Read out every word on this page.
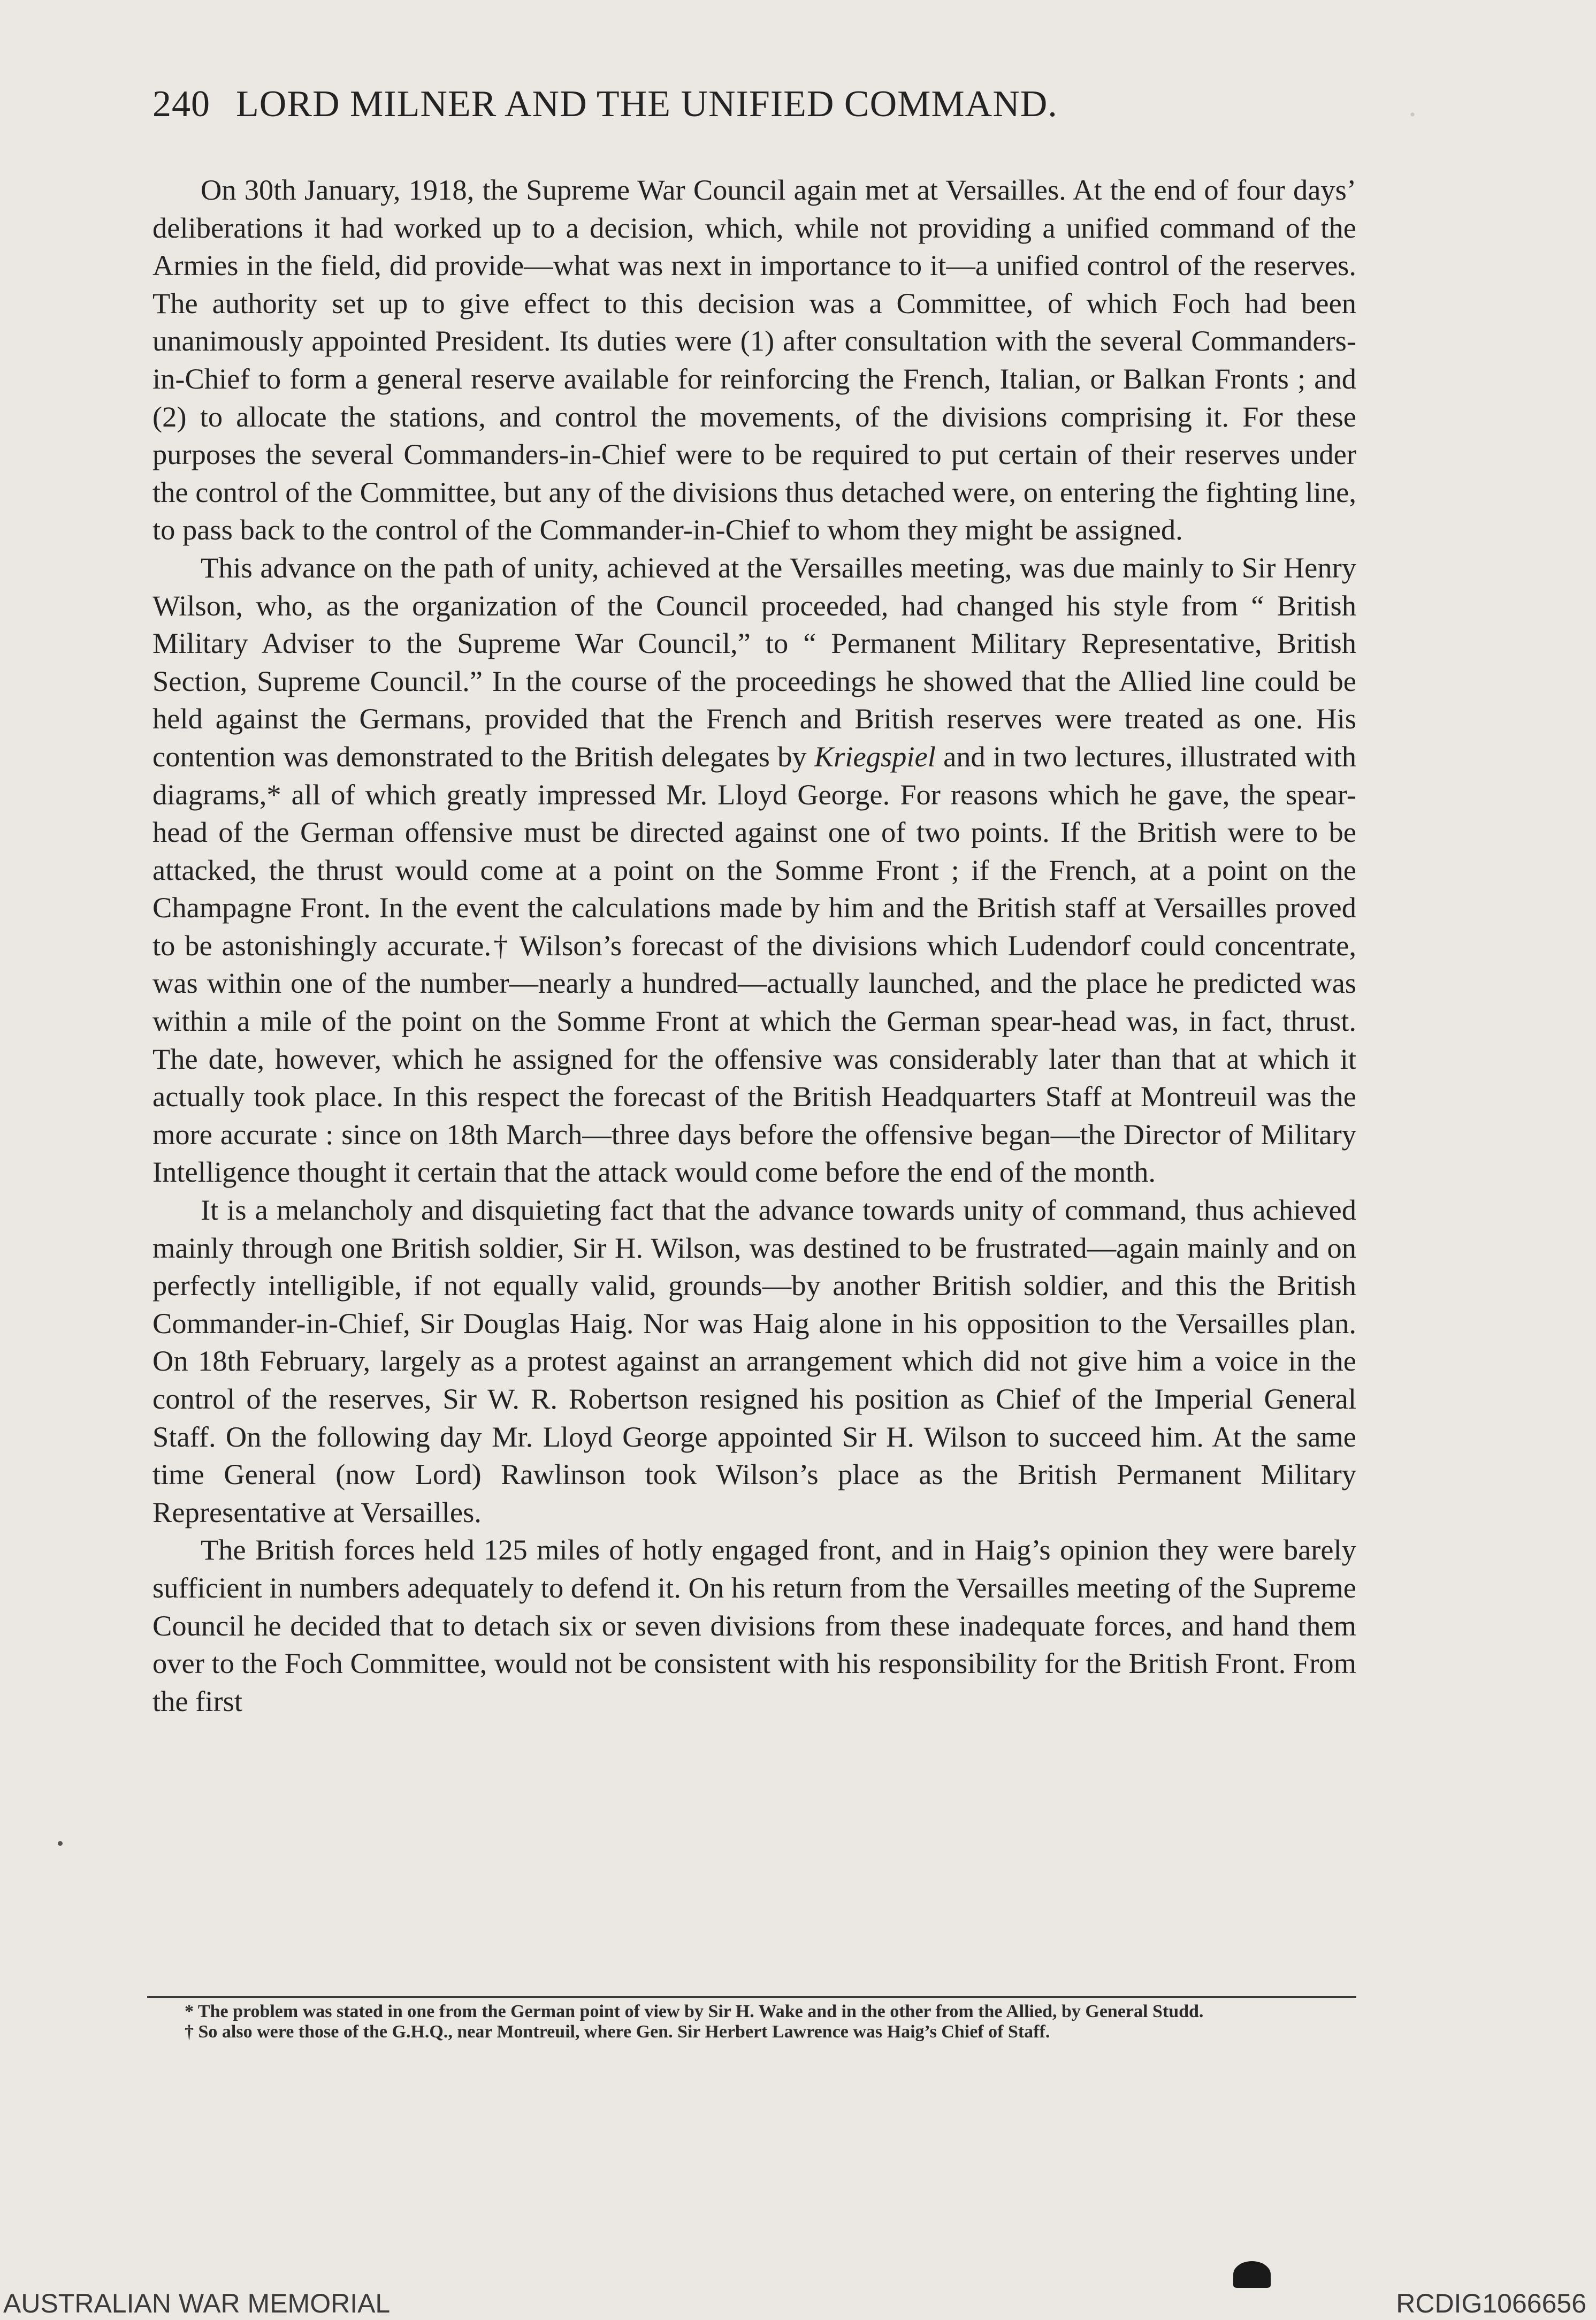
240 LORD MILNER AND THE UNIFIED COMMAND.	·

On 30th January, 1918, the Supreme War Council again met at Versailles. At the end of four days’ deliberations it had worked up to a decision, which, while not providing a unified command of the Armies in the field, did provide—what was next in importance to it—a unified control of the reserves. The authority set up to give effect to this decision was a Committee, of which Foch had been unanimously appointed President. Its duties were (1) after consultation with the several Commanders-in-Chief to form a general reserve available for reinforcing the French, Italian, or Balkan Fronts ; and (2) to allocate the stations, and control the movements, of the divisions comprising it. For these purposes the several Commanders-in-Chief were to be required to put certain of their reserves under the control of the Committee, but any of the divisions thus detached were, on entering the fighting line, to pass back to the control of the Commander-in-Chief to whom they might be assigned.

This advance on the path of unity, achieved at the Versailles meeting, was due mainly to Sir Henry Wilson, who, as the organization of the Council proceeded, had changed his style from “ British Military Adviser to the Supreme War Council,” to “ Permanent Military Representative, British Section, Supreme Council.” In the course of the proceedings he showed that the Allied line could be held against the Germans, provided that the French and British reserves were treated as one. His contention was demonstrated to the British delegates by Kriegspiel and in two lectures, illustrated with diagrams,* all of which greatly impressed Mr. Lloyd George. For reasons which he gave, the spear-head of the German offensive must be directed against one of two points. If the British were to be attacked, the thrust would come at a point on the Somme Front ; if the French, at a point on the Champagne Front. In the event the calculations made by him and the British staff at Versailles proved to be astonishingly accurate.† Wilson’s forecast of the divisions which Ludendorf could concentrate, was within one of the number—nearly a hundred—actually launched, and the place he predicted was within a mile of the point on the Somme Front at which the German spear-head was, in fact, thrust. The date, however, which he assigned for the offensive was considerably later than that at which it actually took place. In this respect the forecast of the British Headquarters Staff at Montreuil was the more accurate : since on 18th March—three days before the offensive began—the Director of Military Intelligence thought it certain that the attack would come before the end of the month.

It is a melancholy and disquieting fact that the advance towards unity of command, thus achieved mainly through one British soldier, Sir H. Wilson, was destined to be frustrated—again mainly and on perfectly intelligible, if not equally valid, grounds—by another British soldier, and this the British Commander-in-Chief, Sir Douglas Haig. Nor was Haig alone in his opposition to the Versailles plan. On 18th February, largely as a protest against an arrangement which did not give him a voice in the control of the reserves, Sir W. R. Robertson resigned his position as Chief of the Imperial General Staff. On the following day Mr. Lloyd George appointed Sir H. Wilson to succeed him. At the same time General (now Lord) Rawlinson took Wilson’s place as the British Permanent Military Representative at Versailles.

The British forces held 125 miles of hotly engaged front, and in Haig’s opinion they were barely sufficient in numbers adequately to defend it. On his return from the Versailles meeting of the Supreme Council he decided that to detach six or seven divisions from these inadequate forces, and hand them over to the Foch Committee, would not be consistent with his responsibility for the British Front. From the first

* The problem was stated in one from the German point of view by Sir H. Wake and in the other from the Allied, by General Studd.

† So also were those of the G.H.Q., near Montreuil, where Gen. Sir Herbert Lawrence was Haig’s Chief of Staff.

AUSTRALIAN WAR MEMORIAL	RCDIG1066656
